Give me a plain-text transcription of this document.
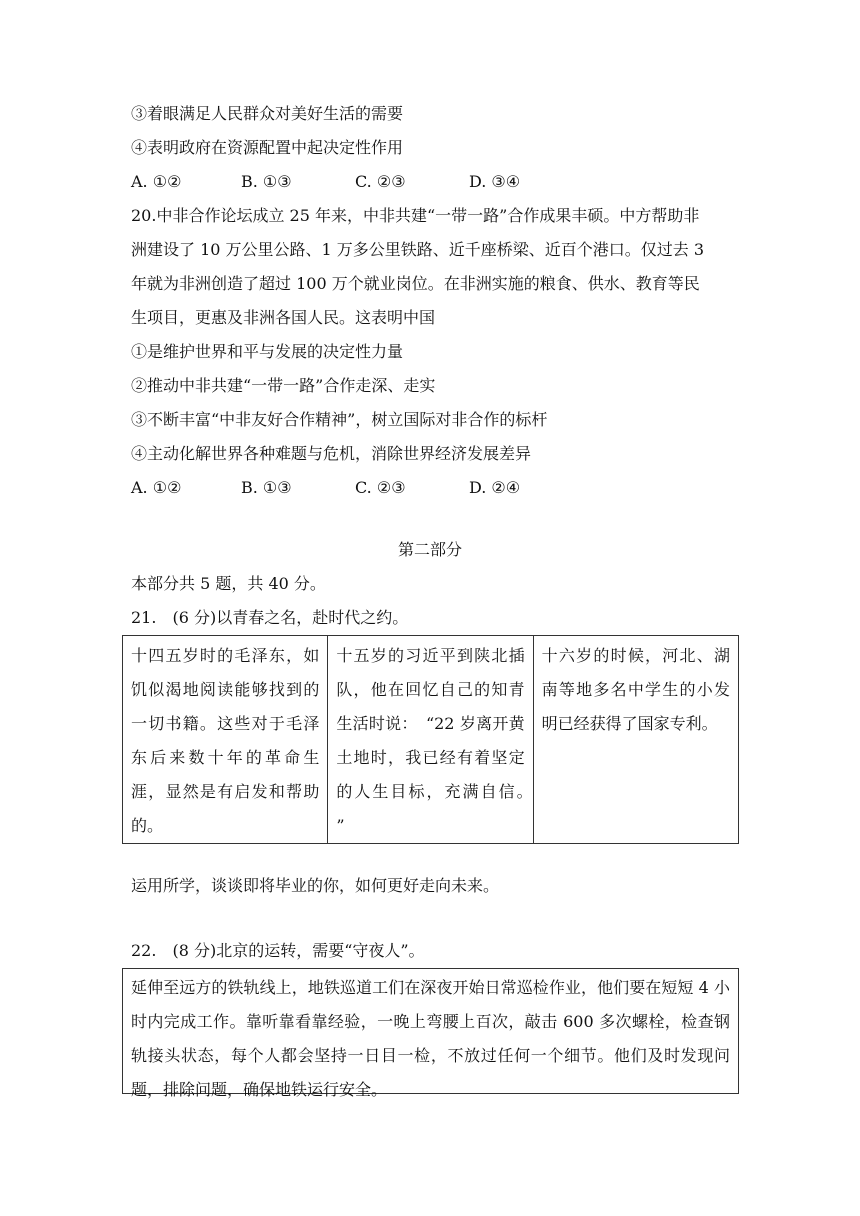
③着眼满足人民群众对美好生活的需要
④表明政府在资源配置中起决定性作用
A. ①②	B. ①③	C. ②③	D. ③④
20.中非合作论坛成立 25 年来，中非共建“一带一路”合作成果丰硕。中方帮助非
洲建设了 10 万公里公路、1 万多公里铁路、近千座桥梁、近百个港口。仅过去 3
年就为非洲创造了超过 100 万个就业岗位。在非洲实施的粮食、供水、教育等民
生项目，更惠及非洲各国人民。这表明中国
①是维护世界和平与发展的决定性力量
②推动中非共建“一带一路”合作走深、走实
③不断丰富“中非友好合作精神”，树立国际对非合作的标杆
④主动化解世界各种难题与危机，消除世界经济发展差异
A. ①②	B. ①③	C. ②③	D. ②④
第二部分
本部分共 5 题，共 40 分。
21.　(6 分)以青春之名，赴时代之约。
十四五岁时的毛泽东，如饥似渴地阅读能够找到的一切书籍。这些对于毛泽东后来数十年的革命生涯，显然是有启发和帮助的。	十五岁的习近平到陕北插队，他在回忆自己的知青生活时说：　“22 岁离开黄土地时，我已经有着坚定的人生目标，充满自信。　”	十六岁的时候，河北、湖南等地多名中学生的小发明已经获得了国家专利。
运用所学，谈谈即将毕业的你，如何更好走向未来。
22.　(8 分)北京的运转，需要“守夜人”。
延伸至远方的铁轨线上，地铁巡道工们在深夜开始日常巡检作业，他们要在短短 4 小时内完成工作。靠听靠看靠经验，一晚上弯腰上百次，敲击 600 多次螺栓，检查钢轨接头状态，每个人都会坚持一日目一检，不放过任何一个细节。他们及时发现问题，排除问题，确保地铁运行安全。
